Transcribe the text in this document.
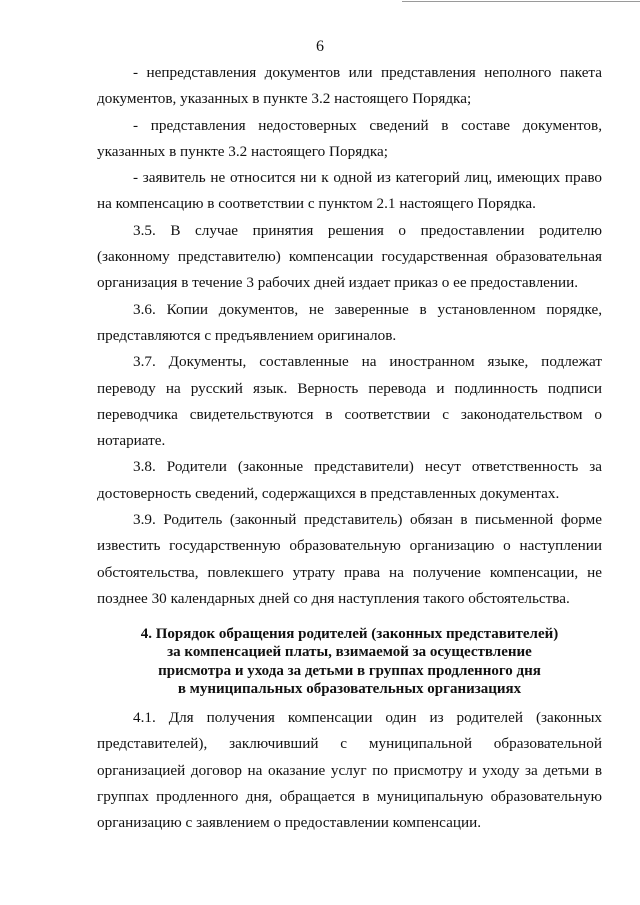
6

- непредставления документов или представления неполного пакета документов, указанных в пункте 3.2 настоящего Порядка;

- представления недостоверных сведений в составе документов, указанных в пункте 3.2 настоящего Порядка;

- заявитель не относится ни к одной из категорий лиц, имеющих право на компенсацию в соответствии с пунктом 2.1 настоящего Порядка.

3.5. В случае принятия решения о предоставлении родителю (законному представителю) компенсации государственная образовательная организация в течение 3 рабочих дней издает приказ о ее предоставлении.

3.6. Копии документов, не заверенные в установленном порядке, представляются с предъявлением оригиналов.

3.7. Документы, составленные на иностранном языке, подлежат переводу на русский язык. Верность перевода и подлинность подписи переводчика свидетельствуются в соответствии с законодательством о нотариате.

3.8. Родители (законные представители) несут ответственность за достоверность сведений, содержащихся в представленных документах.

3.9. Родитель (законный представитель) обязан в письменной форме известить государственную образовательную организацию о наступлении обстоятельства, повлекшего утрату права на получение компенсации, не позднее 30 календарных дней со дня наступления такого обстоятельства.

4. Порядок обращения родителей (законных представителей)
за компенсацией платы, взимаемой за осуществление
присмотра и ухода за детьми в группах продленного дня
в муниципальных образовательных организациях

4.1. Для получения компенсации один из родителей (законных представителей), заключивший с муниципальной образовательной организацией договор на оказание услуг по присмотру и уходу за детьми в группах продленного дня, обращается в муниципальную образовательную организацию с заявлением о предоставлении компенсации.
